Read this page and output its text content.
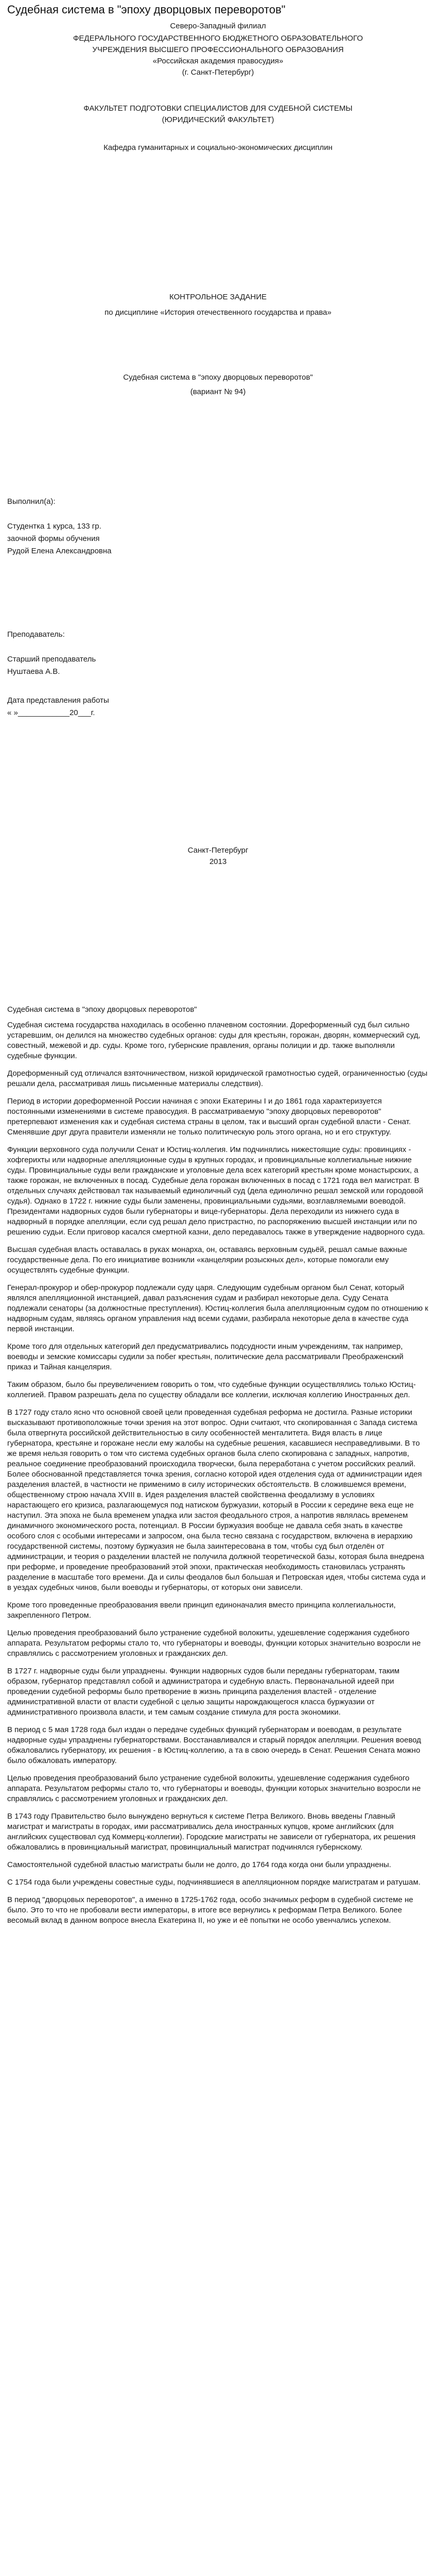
Судебная система в "эпоху дворцовых переворотов"
Северо-Западный филиал
ФЕДЕРАЛЬНОГО ГОСУДАРСТВЕННОГО БЮДЖЕТНОГО ОБРАЗОВАТЕЛЬНОГО
УЧРЕЖДЕНИЯ ВЫСШЕГО ПРОФЕССИОНАЛЬНОГО ОБРАЗОВАНИЯ
«Российская академия правосудия»
(г. Санкт-Петербург)
ФАКУЛЬТЕТ ПОДГОТОВКИ СПЕЦИАЛИСТОВ ДЛЯ СУДЕБНОЙ СИСТЕМЫ
(ЮРИДИЧЕСКИЙ ФАКУЛЬТЕТ)
Кафедра гуманитарных и социально-экономических дисциплин
КОНТРОЛЬНОЕ ЗАДАНИЕ
по дисциплине «История отечественного государства и права»
Судебная система в "эпоху дворцовых переворотов"
(вариант № 94)
Выполнил(а):
Студентка 1 курса, 133 гр.
заочной формы обучения
Рудой Елена Александровна
Преподаватель:
Старший преподаватель
Нуштаева А.В.
Дата представления работы
« »____________20___г.
Санкт-Петербург
2013
Судебная система в "эпоху дворцовых переворотов"

Судебная система государства находилась в особенно плачевном состоянии. Дореформенный суд был сильно устаревшим, он делился на множество судебных органов: суды для крестьян, горожан, дворян, коммерческий суд, совестный, межевой и др. суды. Кроме того, губернские правления, органы полиции и др. также выполняли судебные функции.

Дореформенный суд отличался взяточничеством, низкой юридической грамотностью судей, ограниченностью (суды решали дела, рассматривая лишь письменные материалы следствия).

Период в истории дореформенной России начиная с эпохи Екатерины I и до 1861 года характеризуется постоянными изменениями в системе правосудия. В рассматриваемую "эпоху дворцовых переворотов" претерпевают изменения как и судебная система страны в целом, так и высший орган судебной власти - Сенат. Сменявшие друг друга правители изменяли не только политическую роль этого органа, но и его структуру.

Функции верховного суда получили Сенат и Юстиц-коллегия. Им подчинялись нижестоящие суды: провинциях - хофгерихты или надворные апелляционные суды в крупных городах, и провинциальные коллегиальные нижние суды. Провинциальные суды вели гражданские и уголовные дела всех категорий крестьян кроме монастырских, а также горожан, не включенных в посад. Судебные дела горожан включенных в посад с 1721 года вел магистрат. В отдельных случаях действовал так называемый единоличный суд (дела единолично решал земской или городовой судья). Однако в 1722 г. нижние суды были заменены, провинциальными судьями, возглавляемыми воеводой. Президентами надворных судов были губернаторы и вице-губернаторы. Дела переходили из нижнего суда в надворный в порядке апелляции, если суд решал дело пристрастно, по распоряжению высшей инстанции или по решению судьи. Если приговор касался смертной казни, дело передавалось также в утверждение надворного суда.

Высшая судебная власть оставалась в руках монарха, он, оставаясь верховным судьёй, решал самые важные государственные дела. По его инициативе возникли «канцелярии розыскных дел», которые помогали ему осуществлять судебные функции.

Генерал-прокурор и обер-прокурор подлежали суду царя. Следующим судебным органом был Сенат, который являлся апелляционной инстанцией, давал разъяснения судам и разбирал некоторые дела. Суду Сената подлежали сенаторы (за должностные преступления). Юстиц-коллегия была апелляционным судом по отношению к надворным судам, являясь органом управления над всеми судами, разбирала некоторые дела в качестве суда первой инстанции.

Кроме того для отдельных категорий дел предусматривались подсудности иным учреждениям, так например, воеводы и земские комиссары судили за побег крестьян, политические дела рассматривали Преображенский приказ и Тайная канцелярия.

Таким образом, было бы преувеличением говорить о том, что судебные функции осуществлялись только Юстиц-коллегией. Правом разрешать дела по существу обладали все коллегии, исключая коллегию Иностранных дел.

В 1727 году стало ясно что основной своей цели проведенная судебная реформа не достигла. Разные историки высказывают противоположные точки зрения на этот вопрос. Одни считают, что скопированная с Запада система была отвергнута российской действительностью в силу особенностей менталитета. Видя власть в лице губернатора, крестьяне и горожане несли ему жалобы на судебные решения, касавшиеся несправедливыми. В то же время нельзя говорить о том что система судебных органов была слепо скопирована с западных, напротив, реальное соединение преобразований происходила творчески, была переработана с учетом российских реалий. Более обоснованной представляется точка зрения, согласно которой идея отделения суда от администрации идея разделения властей, в частности не применимо в силу исторических обстоятельств. В сложившемся времени, общественному строю начала XVIII в. Идея разделения властей свойственна феодализму в условиях нарастающего его кризиса, разлагающемуся под натиском буржуазии, который в России к середине века еще не наступил. Эта эпоха не была временем упадка или застоя феодального строя, а напротив являлась временем динамичного экономического роста, потенциал. В России буржуазия вообще не давала себя знать в качестве особого слоя с особыми интересами и запросом, она была тесно связана с государством, включена в иерархию государственной системы, поэтому буржуазия не была заинтересована в том, чтобы суд был отделён от администрации, и теория о разделении властей не получила должной теоретической базы, которая была внедрена при реформе, и проведение преобразований этой эпохи, практическая необходимость становилась устранять разделение в масштабе того времени. Да и силы феодалов был большая и Петровская идея, чтобы система суда и в уездах судебных чинов, были воеводы и губернаторы, от которых они зависели.

Кроме того проведенные преобразования ввели принцип единоначалия вместо принципа коллегиальности, закрепленного Петром.

Целью проведения преобразований было устранение судебной волокиты, удешевление содержания судебного аппарата. Результатом реформы стало то, что губернаторы и воеводы, функции которых значительно возросли не справлялись с рассмотрением уголовных и гражданских дел.

В 1727 г. надворные суды были упразднены. Функции надворных судов были переданы губернаторам, таким образом, губернатор представлял собой и администратора и судебную власть. Первоначальной идеей при проведении судебной реформы было претворение в жизнь принципа разделения властей - отделение административной власти от власти судебной с целью защиты нарождающегося класса буржуазии от административного произвола власти, и тем самым создание стимула для роста экономики.

В период с 5 мая 1728 года был издан о передаче судебных функций губернаторам и воеводам, в результате надворные суды упразднены губернаторствами. Восстанавливался и старый порядок апелляции. Решения воевод обжаловались губернатору, их решения - в Юстиц-коллегию, а та в свою очередь в Сенат. Решения Сената можно было обжаловать императору.

Целью проведения преобразований было устранение судебной волокиты, удешевление содержания судебного аппарата. Результатом реформы стало то, что губернаторы и воеводы, функции которых значительно возросли не справлялись с рассмотрением уголовных и гражданских дел.

В 1743 году Правительство было вынуждено вернуться к системе Петра Великого. Вновь введены Главный магистрат и магистраты в городах, ими рассматривались дела иностранных купцов, кроме английских (для английских существовал суд Коммерц-коллегии). Городские магистраты не зависели от губернатора, их решения обжаловались в провинциальный магистрат, провинциальный магистрат подчинялся губернскому.

Самостоятельной судебной властью магистраты были не долго, до 1764 года когда они были упразднены.

С 1754 года были учреждены совестные суды, подчинявшиеся в апелляционном порядке магистратам и ратушам.

В период "дворцовых переворотов", а именно в 1725-1762 года, особо значимых реформ в судебной системе не было. Это то что не пробовали вести императоры, в итоге все вернулись к реформам Петра Великого. Более весомый вклад в данном вопросе внесла Екатерина II, но уже и её попытки не особо увенчались успехом.
